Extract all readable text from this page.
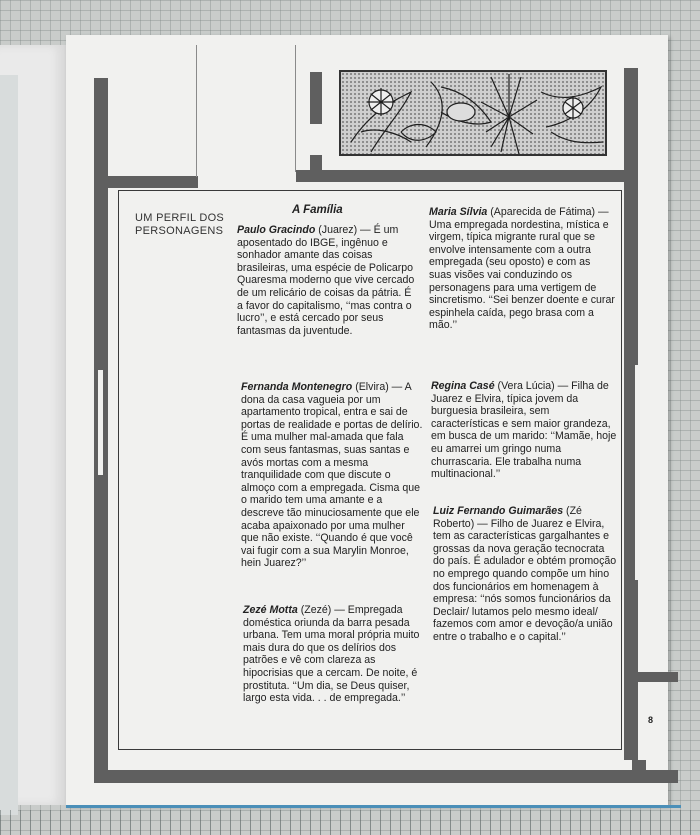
UM PERFIL DOS PERSONAGENS
A Família
Paulo Gracindo (Juarez) — É um aposentado do IBGE, ingênuo e sonhador amante das coisas brasileiras, uma espécie de Policarpo Quaresma moderno que vive cercado de um relicário de coisas da pátria. É a favor do capitalismo, ‘‘mas contra o lucro’’, e está cercado por seus fantasmas da juventude.
Fernanda Montenegro (Elvira) — A dona da casa vagueia por um apartamento tropical, entra e sai de portas de realidade e portas de delírio. É uma mulher mal-amada que fala com seus fantasmas, suas santas e avós mortas com a mesma tranquilidade com que discute o almoço com a empregada. Cisma que o marido tem uma amante e a descreve tão minuciosamente que ele acaba apaixonado por uma mulher que não existe. ‘‘Quando é que você vai fugir com a sua Marylin Monroe, hein Juarez?’’
Zezé Motta (Zezé) — Empregada doméstica oriunda da barra pesada urbana. Tem uma moral própria muito mais dura do que os delírios dos patrões e vê com clareza as hipocrisias que a cercam. De noite, é prostituta. ‘‘Um dia, se Deus quiser, largo esta vida. . . de empregada.’’
Maria Sílvia (Aparecida de Fátima) — Uma empregada nordestina, mística e virgem, típica migrante rural que se envolve intensamente com a outra empregada (seu oposto) e com as suas visões vai conduzindo os personagens para uma vertigem de sincretismo. ‘‘Sei benzer doente e curar espinhela caída, pego brasa com a mão.’’
Regina Casé (Vera Lúcia) — Filha de Juarez e Elvira, típica jovem da burguesia brasileira, sem características e sem maior grandeza, em busca de um marido: ‘‘Mamãe, hoje eu amarrei um gringo numa churrascaria. Ele trabalha numa multinacional.’’
Luiz Fernando Guimarães (Zé Roberto) — Filho de Juarez e Elvira, tem as características gargalhantes e grossas da nova geração tecnocrata do país. É adulador e obtém promoção no emprego quando compõe um hino dos funcionários em homenagem à empresa: ‘‘nós somos funcionários da Declair/ lutamos pelo mesmo ideal/ fazemos com amor e devoção/a união entre o trabalho e o capital.’’
8
